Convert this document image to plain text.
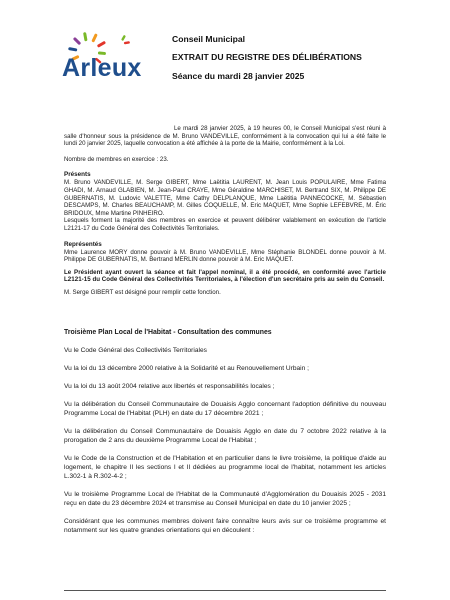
Arleux
Conseil Municipal
EXTRAIT DU REGISTRE DES DÉLIBÉRATIONS
Séance du mardi 28 janvier 2025

Le mardi 28 janvier 2025, à 19 heures 00, le Conseil Municipal s'est réuni à salle d'honneur sous la présidence de M. Bruno VANDEVILLE, conformément à la convocation qui lui a été faite le lundi 20 janvier 2025, laquelle convocation a été affichée à la porte de la Mairie, conformément à la Loi.

Nombre de membres en exercice : 23.

Présents

M. Bruno VANDEVILLE, M. Serge GIBERT, Mme Laëtitia LAURENT, M. Jean Louis POPULAIRE, Mme Fatima GHADI, M. Arnaud GLABIEN, M. Jean-Paul CRAYE, Mme Géraldine MARCHISET, M. Bertrand SIX, M. Philippe DE GUBERNATIS, M. Ludovic VALETTE, Mme Cathy DELPLANQUE, Mme Laëtitia PANNECOCKE, M. Sébastien DESCAMPS, M. Charles BEAUCHAMP, M. Gilles COQUELLE, M. Eric MAQUET, Mme Sophie LEFEBVRE, M. Éric BRIDOUX, Mme Martine PINHEIRO.

Lesquels forment la majorité des membres en exercice et peuvent délibérer valablement en exécution de l'article L2121-17 du Code Général des Collectivités Territoriales.

Représentés

Mme Laurence MORY donne pouvoir à M. Bruno VANDEVILLE, Mme Stéphanie BLONDEL donne pouvoir à M. Philippe DE GUBERNATIS, M. Bertrand MERLIN donne pouvoir à M. Eric MAQUET.

Le Président ayant ouvert la séance et fait l'appel nominal, il a été procédé, en conformité avec l'article L2121-15 du Code Général des Collectivités Territoriales, à l'élection d'un secrétaire pris au sein du Conseil.

M. Serge GIBERT est désigné pour remplir cette fonction.

Troisième Plan Local de l'Habitat - Consultation des communes

Vu le Code Général des Collectivités Territoriales

Vu la loi du 13 décembre 2000 relative à la Solidarité et au Renouvellement Urbain ;

Vu la loi du 13 août 2004 relative aux libertés et responsabilités locales ;

Vu la délibération du Conseil Communautaire de Douaisis Agglo concernant l'adoption définitive du nouveau Programme Local de l'Habitat (PLH) en date du 17 décembre 2021 ;

Vu la délibération du Conseil Communautaire de Douaisis Agglo en date du 7 octobre 2022 relative à la prorogation de 2 ans du deuxième Programme Local de l'Habitat ;

Vu le Code de la Construction et de l'Habitation et en particulier dans le livre troisième, la politique d'aide au logement, le chapitre II les sections I et II dédiées au programme local de l'habitat, notamment les articles L.302-1 à R.302-4-2 ;

Vu le troisième Programme Local de l'Habitat de la Communauté d'Agglomération du Douaisis 2025 - 2031 reçu en date du 23 décembre 2024 et transmise au Conseil Municipal en date du 10 janvier 2025 ;

Considérant que les communes membres doivent faire connaître leurs avis sur ce troisième programme et notamment sur les quatre grandes orientations qui en découlent :
